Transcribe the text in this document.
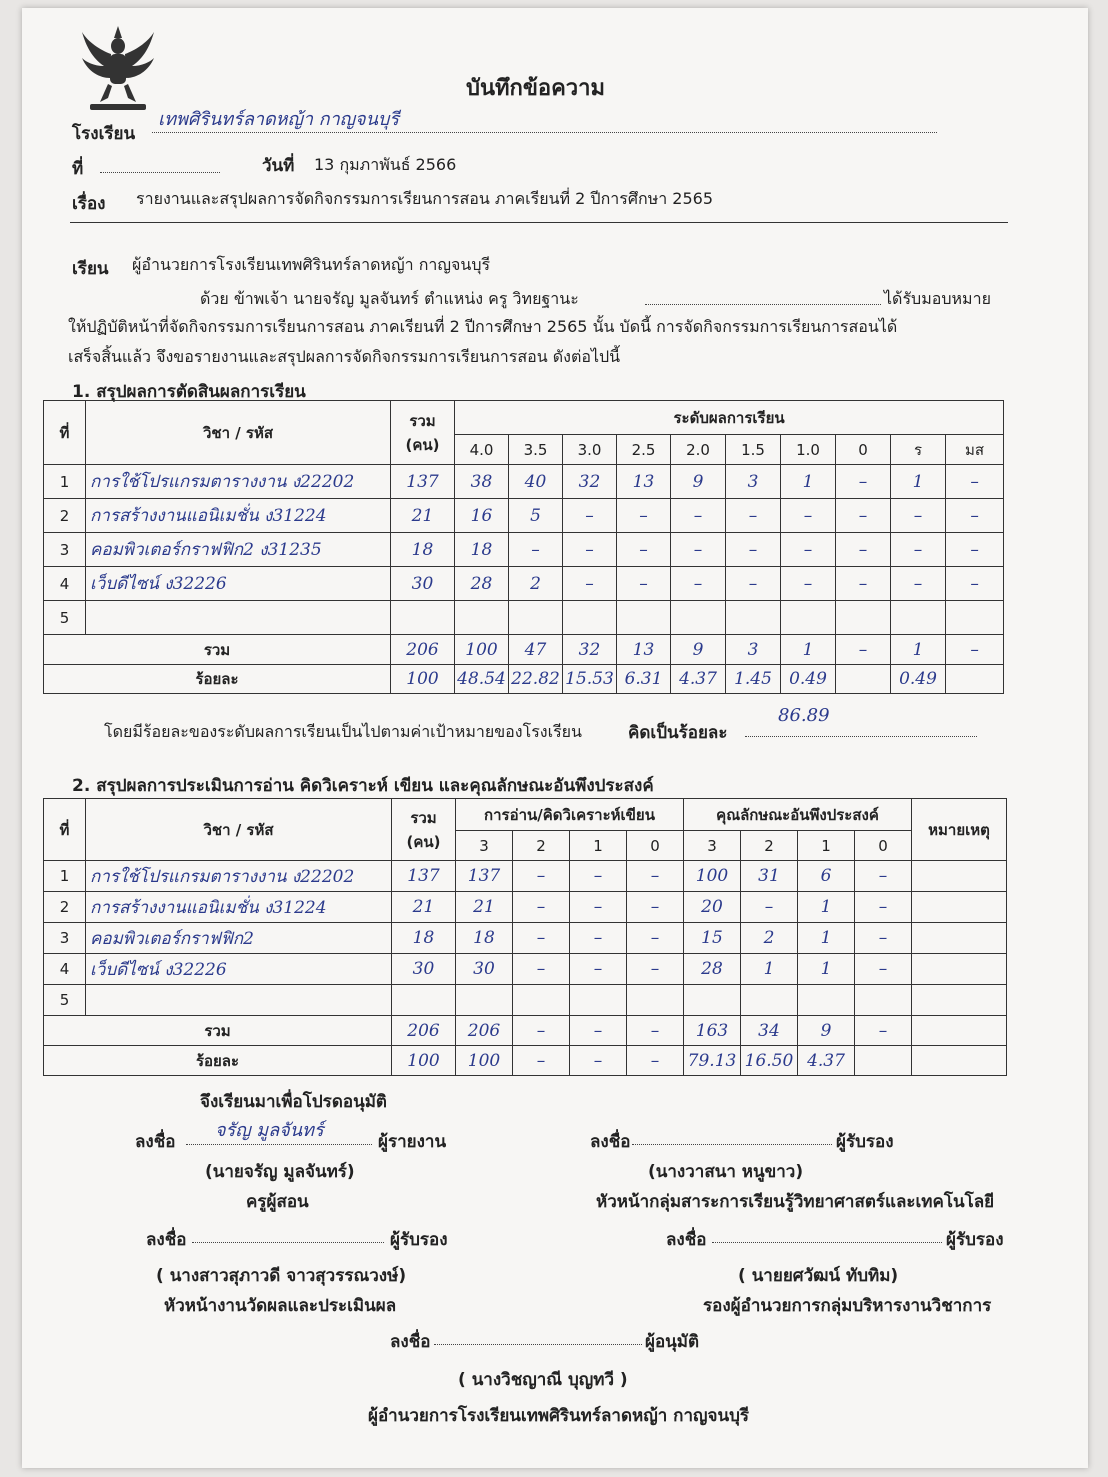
บันทึกข้อความ
โรงเรียน
เทพศิรินทร์ลาดหญ้า กาญจนบุรี
ที่	วันที่ 13 กุมภาพันธ์ 2566
เรื่อง รายงานและสรุปผลการจัดกิจกรรมการเรียนการสอน ภาคเรียนที่ 2 ปีการศึกษา 2565
เรียน ผู้อำนวยการโรงเรียนเทพศิรินทร์ลาดหญ้า กาญจนบุรี
ด้วย ข้าพเจ้า นายจรัญ มูลจันทร์ ตำแหน่ง ครู วิทยฐานะ	ได้รับมอบหมาย
ให้ปฏิบัติหน้าที่จัดกิจกรรมการเรียนการสอน ภาคเรียนที่ 2 ปีการศึกษา 2565 นั้น บัดนี้ การจัดกิจกรรมการเรียนการสอนได้
เสร็จสิ้นแล้ว จึงขอรายงานและสรุปผลการจัดกิจกรรมการเรียนการสอน ดังต่อไปนี้
1. สรุปผลการตัดสินผลการเรียน
ที่	วิชา / รหัส	รวม
(คน)	ระดับผลการเรียน									
			4.0	3.5	3.0	2.5	2.0	1.5	1.0	0	ร	มส
1	การใช้โปรแกรมตารางงาน ง22202	137	38	40	32	13	9	3	1	–	1	–
2	การสร้างงานแอนิเมชั่น ง31224	21	16	5	–	–	–	–	–	–	–	–
3	คอมพิวเตอร์กราฟฟิก2 ง31235	18	18	–	–	–	–	–	–	–	–	–
4	เว็บดีไซน์ ง32226	30	28	2	–	–	–	–	–	–	–	–
5												
รวม		206	100	47	32	13	9	3	1	–	1	–
ร้อยละ		100	48.54	22.82	15.53	6.31	4.37	1.45	0.49		0.49	
โดยมีร้อยละของระดับผลการเรียนเป็นไปตามค่าเป้าหมายของโรงเรียน	คิดเป็นร้อยละ
86.89
2. สรุปผลการประเมินการอ่าน คิดวิเคราะห์ เขียน และคุณลักษณะอันพึงประสงค์
ที่	วิชา / รหัส	รวม
(คน)	การอ่าน/คิดวิเคราะห์เขียน				คุณลักษณะอันพึงประสงค์				หมายเหตุ
			3	2	1	0	3	2	1	0	
1	การใช้โปรแกรมตารางงาน ง22202	137	137	–	–	–	100	31	6	–	
2	การสร้างงานแอนิเมชั่น ง31224	21	21	–	–	–	20	–	1	–	
3	คอมพิวเตอร์กราฟฟิก2	18	18	–	–	–	15	2	1	–	
4	เว็บดีไซน์ ง32226	30	30	–	–	–	28	1	1	–	
5											
รวม		206	206	–	–	–	163	34	9	–	
ร้อยละ		100	100	–	–	–	79.13	16.50	4.37		
จึงเรียนมาเพื่อโปรดอนุมัติ
ลงชื่อ
จรัญ มูลจันทร์
ผู้รายงาน
(นายจรัญ มูลจันทร์)
ครูผู้สอน
ลงชื่อ	ผู้รับรอง
(นางวาสนา หนูขาว)
หัวหน้ากลุ่มสาระการเรียนรู้วิทยาศาสตร์และเทคโนโลยี
ลงชื่อ	ผู้รับรอง
( นางสาวสุภาวดี จาวสุวรรณวงษ์)
หัวหน้างานวัดผลและประเมินผล
ลงชื่อ	ผู้รับรอง
( นายยศวัฒน์ ทับทิม)
รองผู้อำนวยการกลุ่มบริหารงานวิชาการ
ลงชื่อ	ผู้อนุมัติ
( นางวิชญาณี บุญทวี )
ผู้อำนวยการโรงเรียนเทพศิรินทร์ลาดหญ้า กาญจนบุรี
